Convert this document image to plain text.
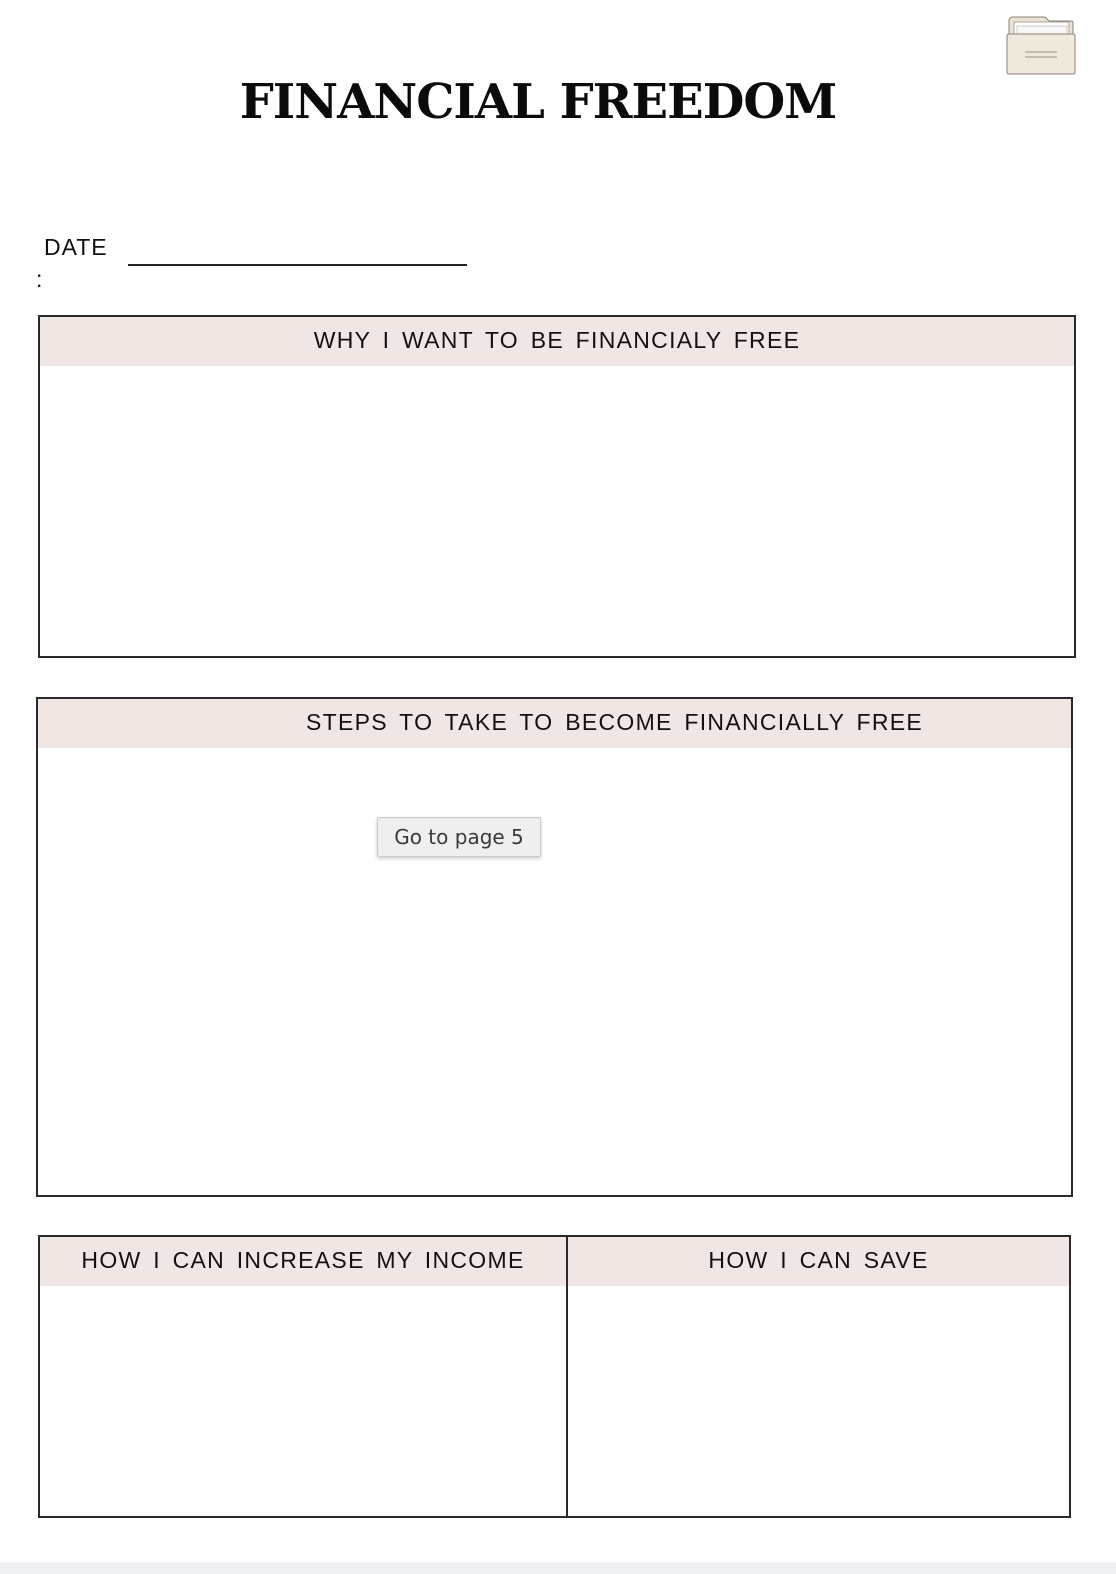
FINANCIAL FREEDOM
DATE
:
WHY I WANT TO BE FINANCIALY FREE
STEPS TO TAKE TO BECOME FINANCIALLY FREE
HOW I CAN INCREASE MY INCOME	HOW I CAN SAVE
Go to page 5
